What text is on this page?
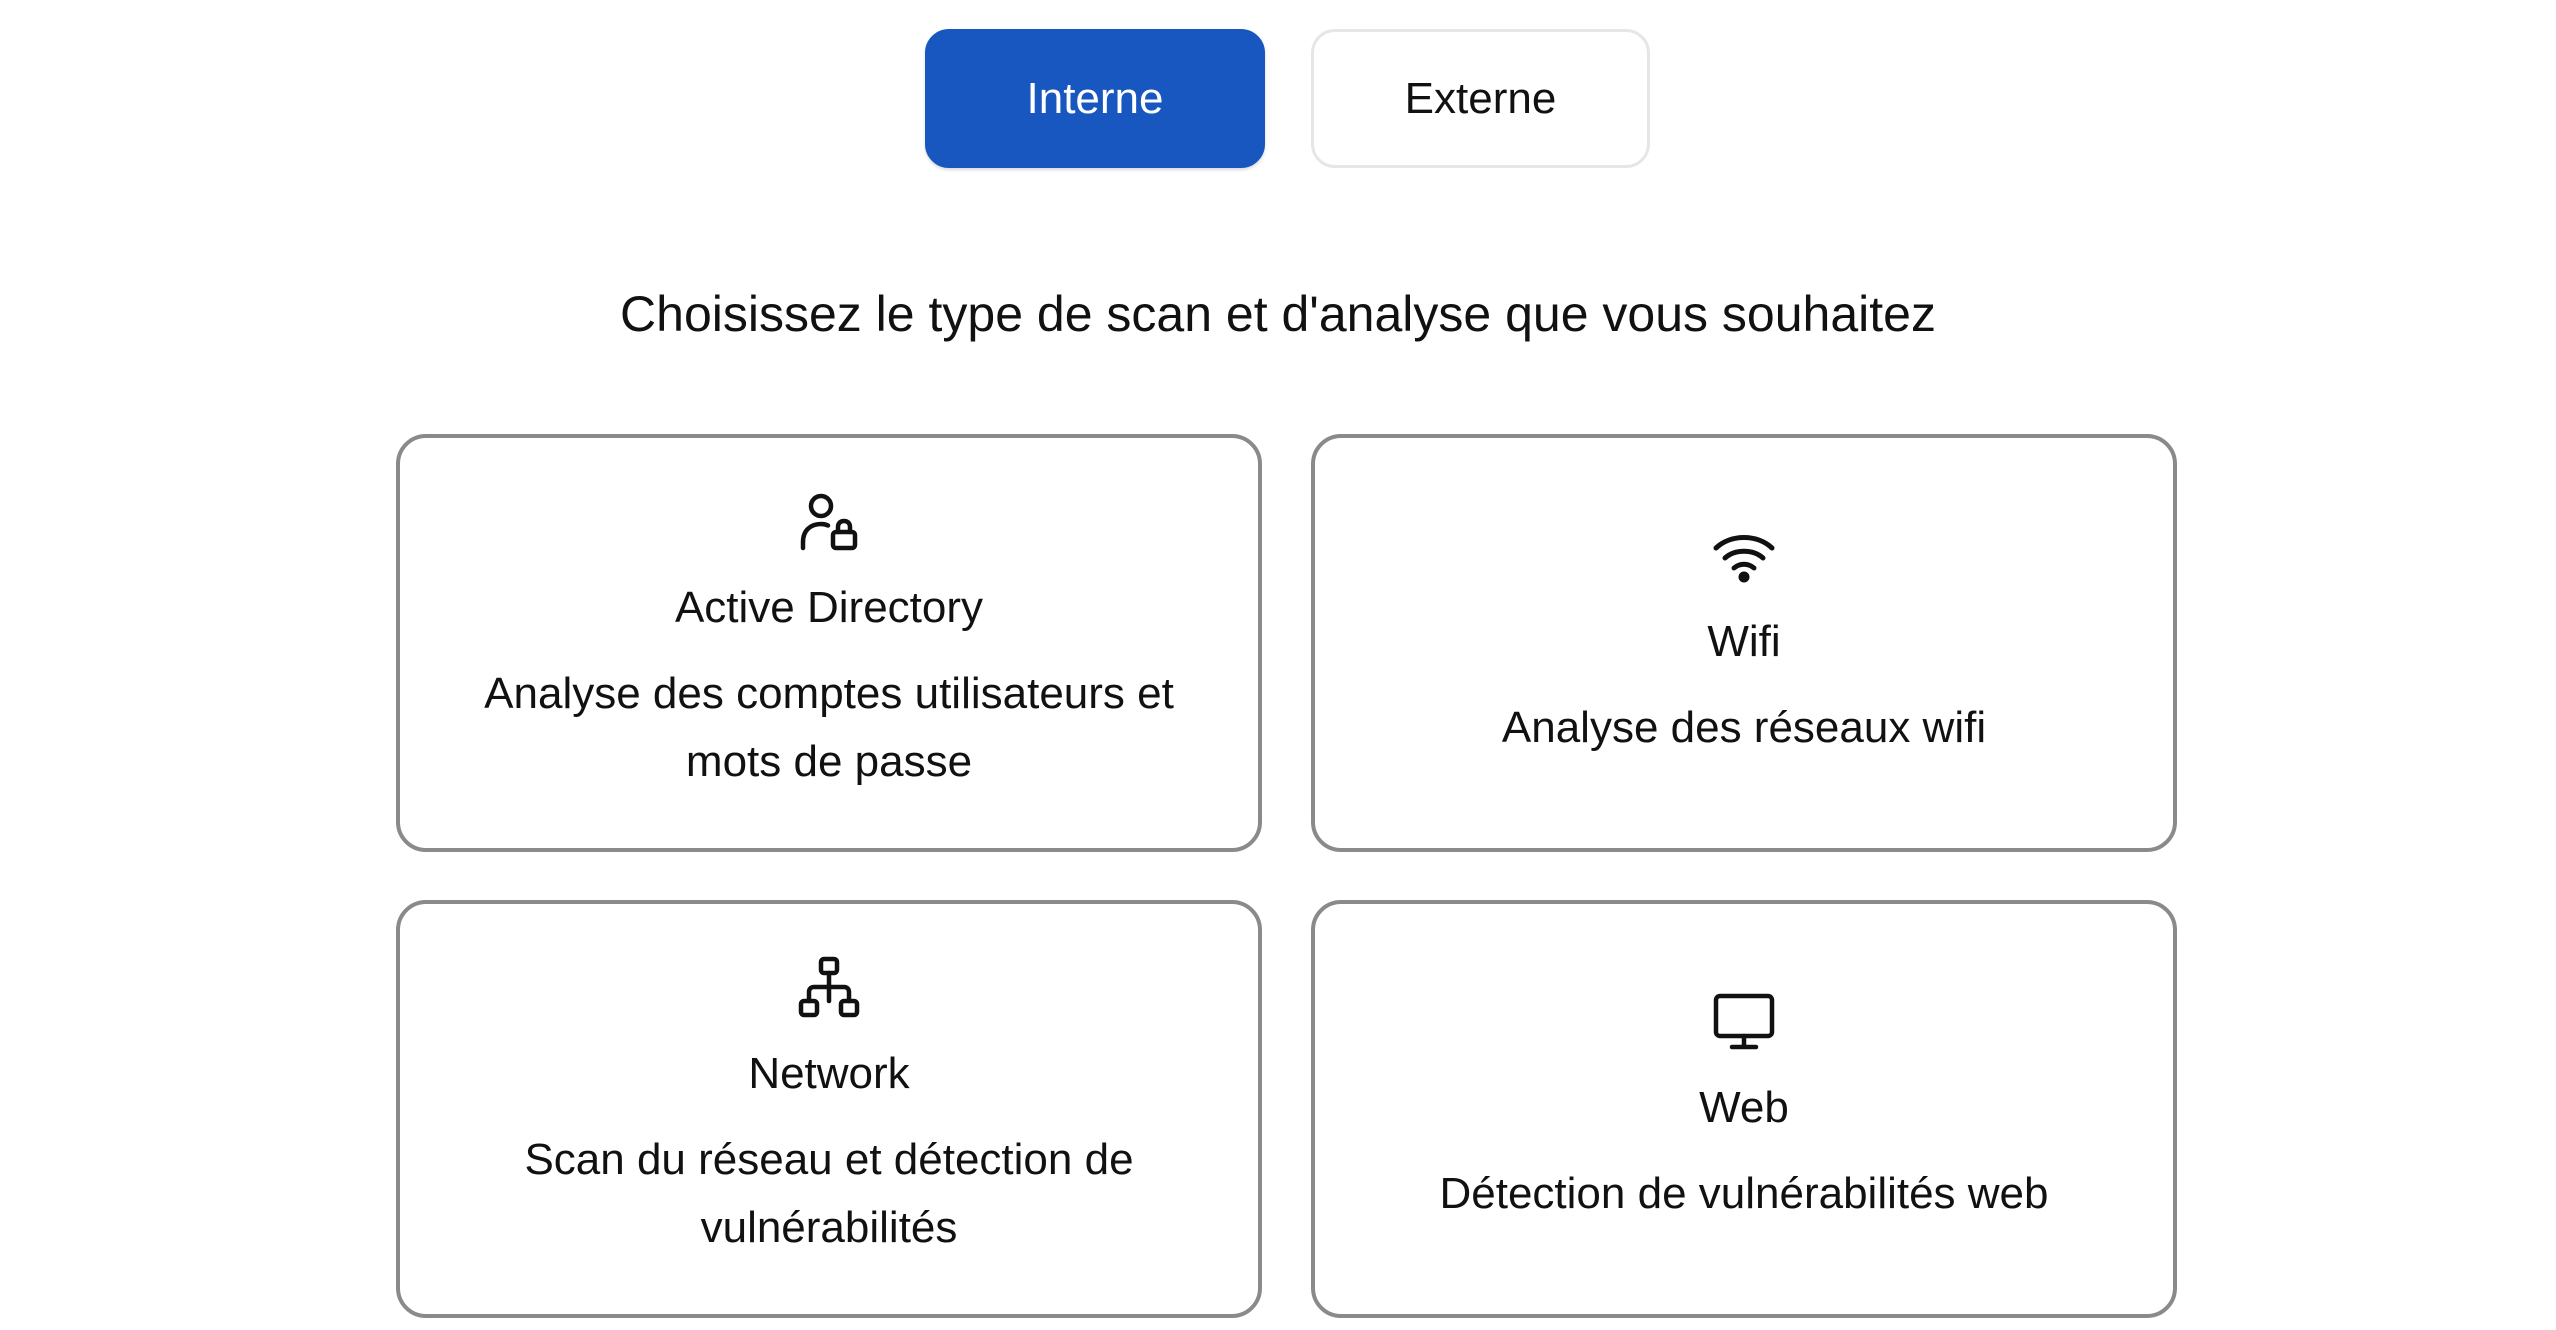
Interne	Externe
Choisissez le type de scan et d'analyse que vous souhaitez
Active Directory
Analyse des comptes utilisateurs et mots de passe
Wifi
Analyse des réseaux wifi
Network
Scan du réseau et détection de vulnérabilités
Web
Détection de vulnérabilités web
